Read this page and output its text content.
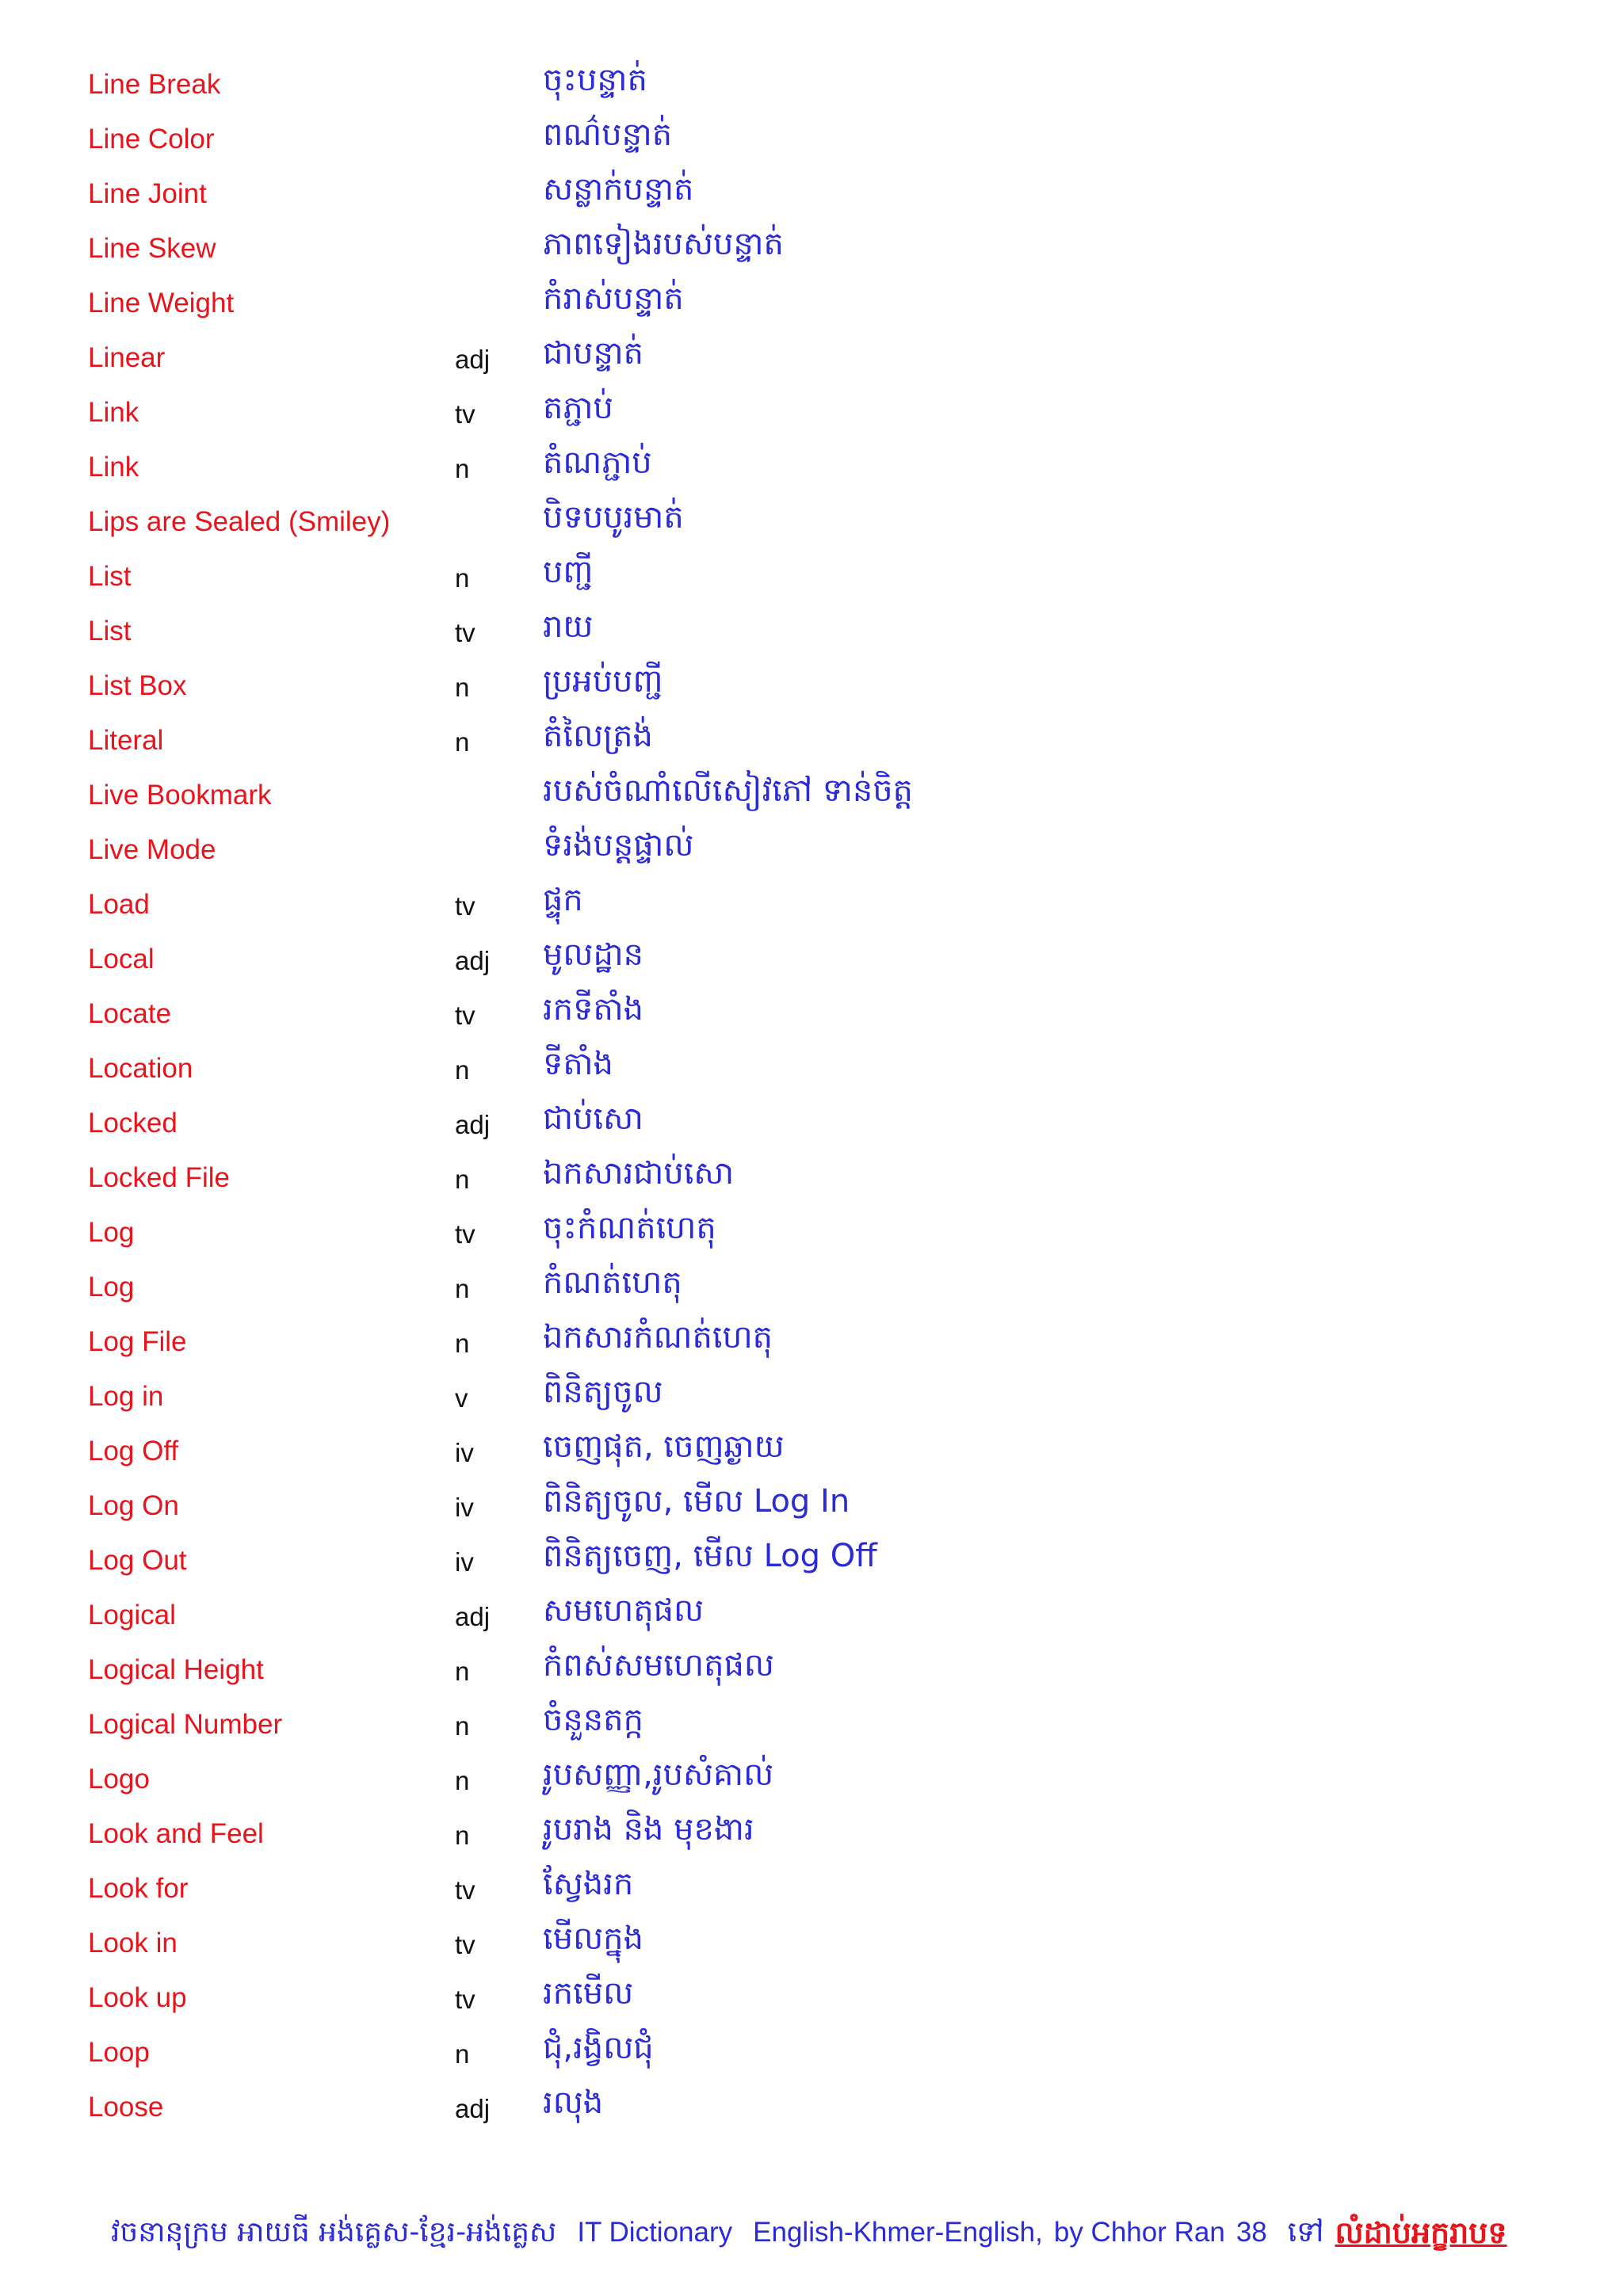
Line Break	ចុះបន្ទាត់
Line Color	ពណ៌បន្ទាត់
Line Joint	សន្លាក់បន្ទាត់
Line Skew	ភាពទៀងរបស់បន្ទាត់
Line Weight	កំរាស់បន្ទាត់
Linear	adj ជាបន្ទាត់
Link	tv តភ្ជាប់
Link	n តំណភ្ជាប់
Lips are Sealed (Smiley)	បិទបបូរមាត់
List	n បញ្ជី
List	tv រាយ
List Box	n ប្រអប់បញ្ជី
Literal	n តំលៃត្រង់
Live Bookmark	របស់ចំណាំលើសៀវភៅ ទាន់ចិត្ត
Live Mode	ទំរង់បន្តផ្ទាល់
Load	tv ផ្ទុក
Local	adj មូលដ្ឋាន
Locate	tv រកទីតាំង
Location	n ទីតាំង
Locked	adj ជាប់សោ
Locked File	n ឯកសារជាប់សោ
Log	tv ចុះកំណត់ហេតុ
Log	n កំណត់ហេតុ
Log File	n ឯកសារកំណត់ហេតុ
Log in	v ពិនិត្យចូល
Log Off	iv ចេញផុត, ចេញឆ្ងាយ
Log On	iv ពិនិត្យចូល, មើល Log In
Log Out	iv ពិនិត្យចេញ, មើល Log Off
Logical	adj សមហេតុផល
Logical Height	n កំពស់សមហេតុផល
Logical Number	n ចំនួនតក្ក
Logo	n រូបសញ្ញា,រូបសំគាល់
Look and Feel	n រូបរាង និង មុខងារ
Look for	tv ស្វែងរក
Look in	tv មើលក្នុង
Look up	tv រកមើល
Loop	n ជុំ,រង្វិលជុំ
Loose	adj រលុង
វចនានុក្រម អាយធី អង់គ្លេស-ខ្មែរ-អង់គ្លេស IT Dictionary English-Khmer-English, by Chhor Ran 38 ទៅ លំដាប់អក្ខរាបទ
